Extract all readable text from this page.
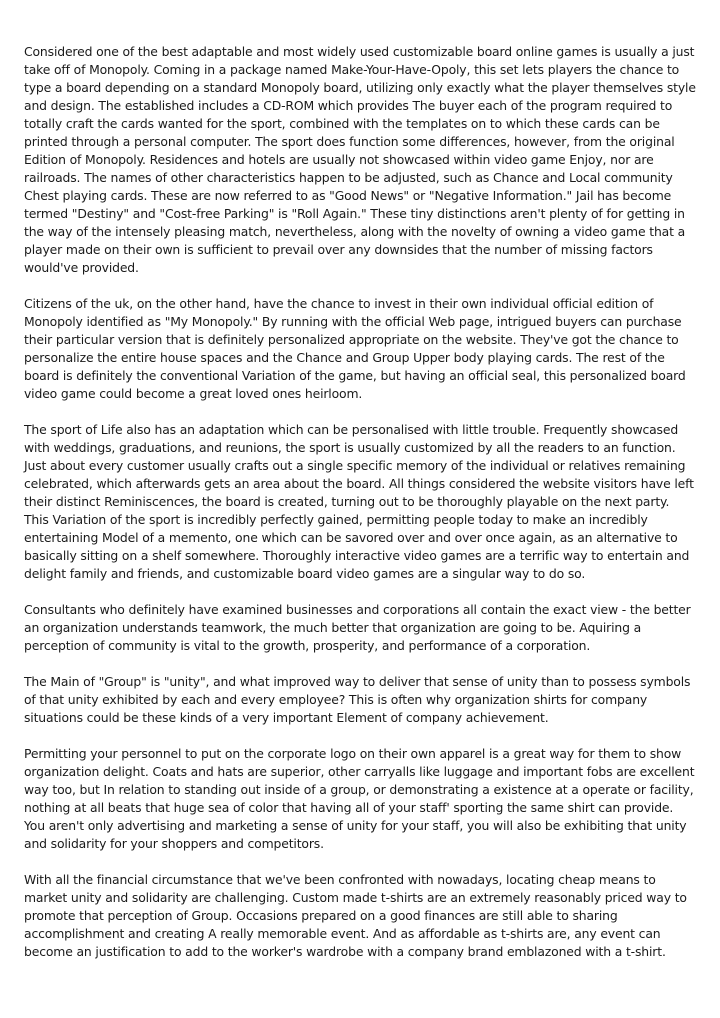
Considered one of the best adaptable and most widely used customizable board online games is usually a just take off of Monopoly. Coming in a package named Make-Your-Have-Opoly, this set lets players the chance to type a board depending on a standard Monopoly board, utilizing only exactly what the player themselves style and design. The established includes a CD-ROM which provides The buyer each of the program required to totally craft the cards wanted for the sport, combined with the templates on to which these cards can be printed through a personal computer. The sport does function some differences, however, from the original Edition of Monopoly. Residences and hotels are usually not showcased within video game Enjoy, nor are railroads. The names of other characteristics happen to be adjusted, such as Chance and Local community Chest playing cards. These are now referred to as "Good News" or "Negative Information." Jail has become termed "Destiny" and "Cost-free Parking" is "Roll Again." These tiny distinctions aren't plenty of for getting in the way of the intensely pleasing match, nevertheless, along with the novelty of owning a video game that a player made on their own is sufficient to prevail over any downsides that the number of missing factors would've provided.

Citizens of the uk, on the other hand, have the chance to invest in their own individual official edition of Monopoly identified as "My Monopoly." By running with the official Web page, intrigued buyers can purchase their particular version that is definitely personalized appropriate on the website. They've got the chance to personalize the entire house spaces and the Chance and Group Upper body playing cards. The rest of the board is definitely the conventional Variation of the game, but having an official seal, this personalized board video game could become a great loved ones heirloom.

The sport of Life also has an adaptation which can be personalised with little trouble. Frequently showcased with weddings, graduations, and reunions, the sport is usually customized by all the readers to an function. Just about every customer usually crafts out a single specific memory of the individual or relatives remaining celebrated, which afterwards gets an area about the board. All things considered the website visitors have left their distinct Reminiscences, the board is created, turning out to be thoroughly playable on the next party. This Variation of the sport is incredibly perfectly gained, permitting people today to make an incredibly entertaining Model of a memento, one which can be savored over and over once again, as an alternative to basically sitting on a shelf somewhere. Thoroughly interactive video games are a terrific way to entertain and delight family and friends, and customizable board video games are a singular way to do so.

Consultants who definitely have examined businesses and corporations all contain the exact view - the better an organization understands teamwork, the much better that organization are going to be. Aquiring a perception of community is vital to the growth, prosperity, and performance of a corporation.

The Main of "Group" is "unity", and what improved way to deliver that sense of unity than to possess symbols of that unity exhibited by each and every employee? This is often why organization shirts for company situations could be these kinds of a very important Element of company achievement.

Permitting your personnel to put on the corporate logo on their own apparel is a great way for them to show organization delight. Coats and hats are superior, other carryalls like luggage and important fobs are excellent way too, but In relation to standing out inside of a group, or demonstrating a existence at a operate or facility, nothing at all beats that huge sea of color that having all of your staff' sporting the same shirt can provide. You aren't only advertising and marketing a sense of unity for your staff, you will also be exhibiting that unity and solidarity for your shoppers and competitors.

With all the financial circumstance that we've been confronted with nowadays, locating cheap means to market unity and solidarity are challenging. Custom made t-shirts are an extremely reasonably priced way to promote that perception of Group. Occasions prepared on a good finances are still able to sharing accomplishment and creating A really memorable event. And as affordable as t-shirts are, any event can become an justification to add to the worker's wardrobe with a company brand emblazoned with a t-shirt.
